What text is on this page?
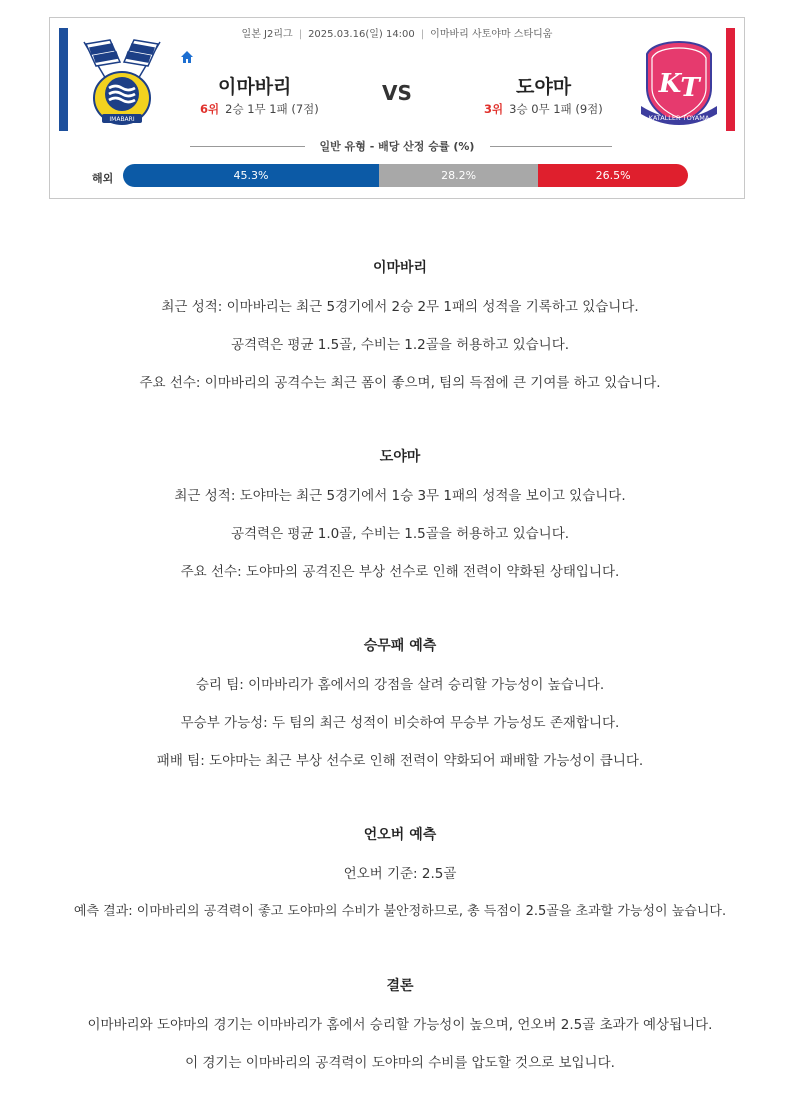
일본 J2리그 | 2025.03.16(일) 14:00 | 이마바리 사토야마 스타디움
IMABARI
이마바리	VS	도야마
6위 2승 1무 1패 (7점)	3위 3승 0무 1패 (9점)
K T
KATALLER TOYAMA
일반 유형 - 배당 산정 승률 (%)
해외	45.3%	28.2%	26.5%
이마바리
최근 성적: 이마바리는 최근 5경기에서 2승 2무 1패의 성적을 기록하고 있습니다.
공격력은 평균 1.5골, 수비는 1.2골을 허용하고 있습니다.
주요 선수: 이마바리의 공격수는 최근 폼이 좋으며, 팀의 득점에 큰 기여를 하고 있습니다.
도야마
최근 성적: 도야마는 최근 5경기에서 1승 3무 1패의 성적을 보이고 있습니다.
공격력은 평균 1.0골, 수비는 1.5골을 허용하고 있습니다.
주요 선수: 도야마의 공격진은 부상 선수로 인해 전력이 약화된 상태입니다.
승무패 예측
승리 팀: 이마바리가 홈에서의 강점을 살려 승리할 가능성이 높습니다.
무승부 가능성: 두 팀의 최근 성적이 비슷하여 무승부 가능성도 존재합니다.
패배 팀: 도야마는 최근 부상 선수로 인해 전력이 약화되어 패배할 가능성이 큽니다.
언오버 예측
언오버 기준: 2.5골
예측 결과: 이마바리의 공격력이 좋고 도야마의 수비가 불안정하므로, 총 득점이 2.5골을 초과할 가능성이 높습니다.
결론
이마바리와 도야마의 경기는 이마바리가 홈에서 승리할 가능성이 높으며, 언오버 2.5골 초과가 예상됩니다.
이 경기는 이마바리의 공격력이 도야마의 수비를 압도할 것으로 보입니다.
